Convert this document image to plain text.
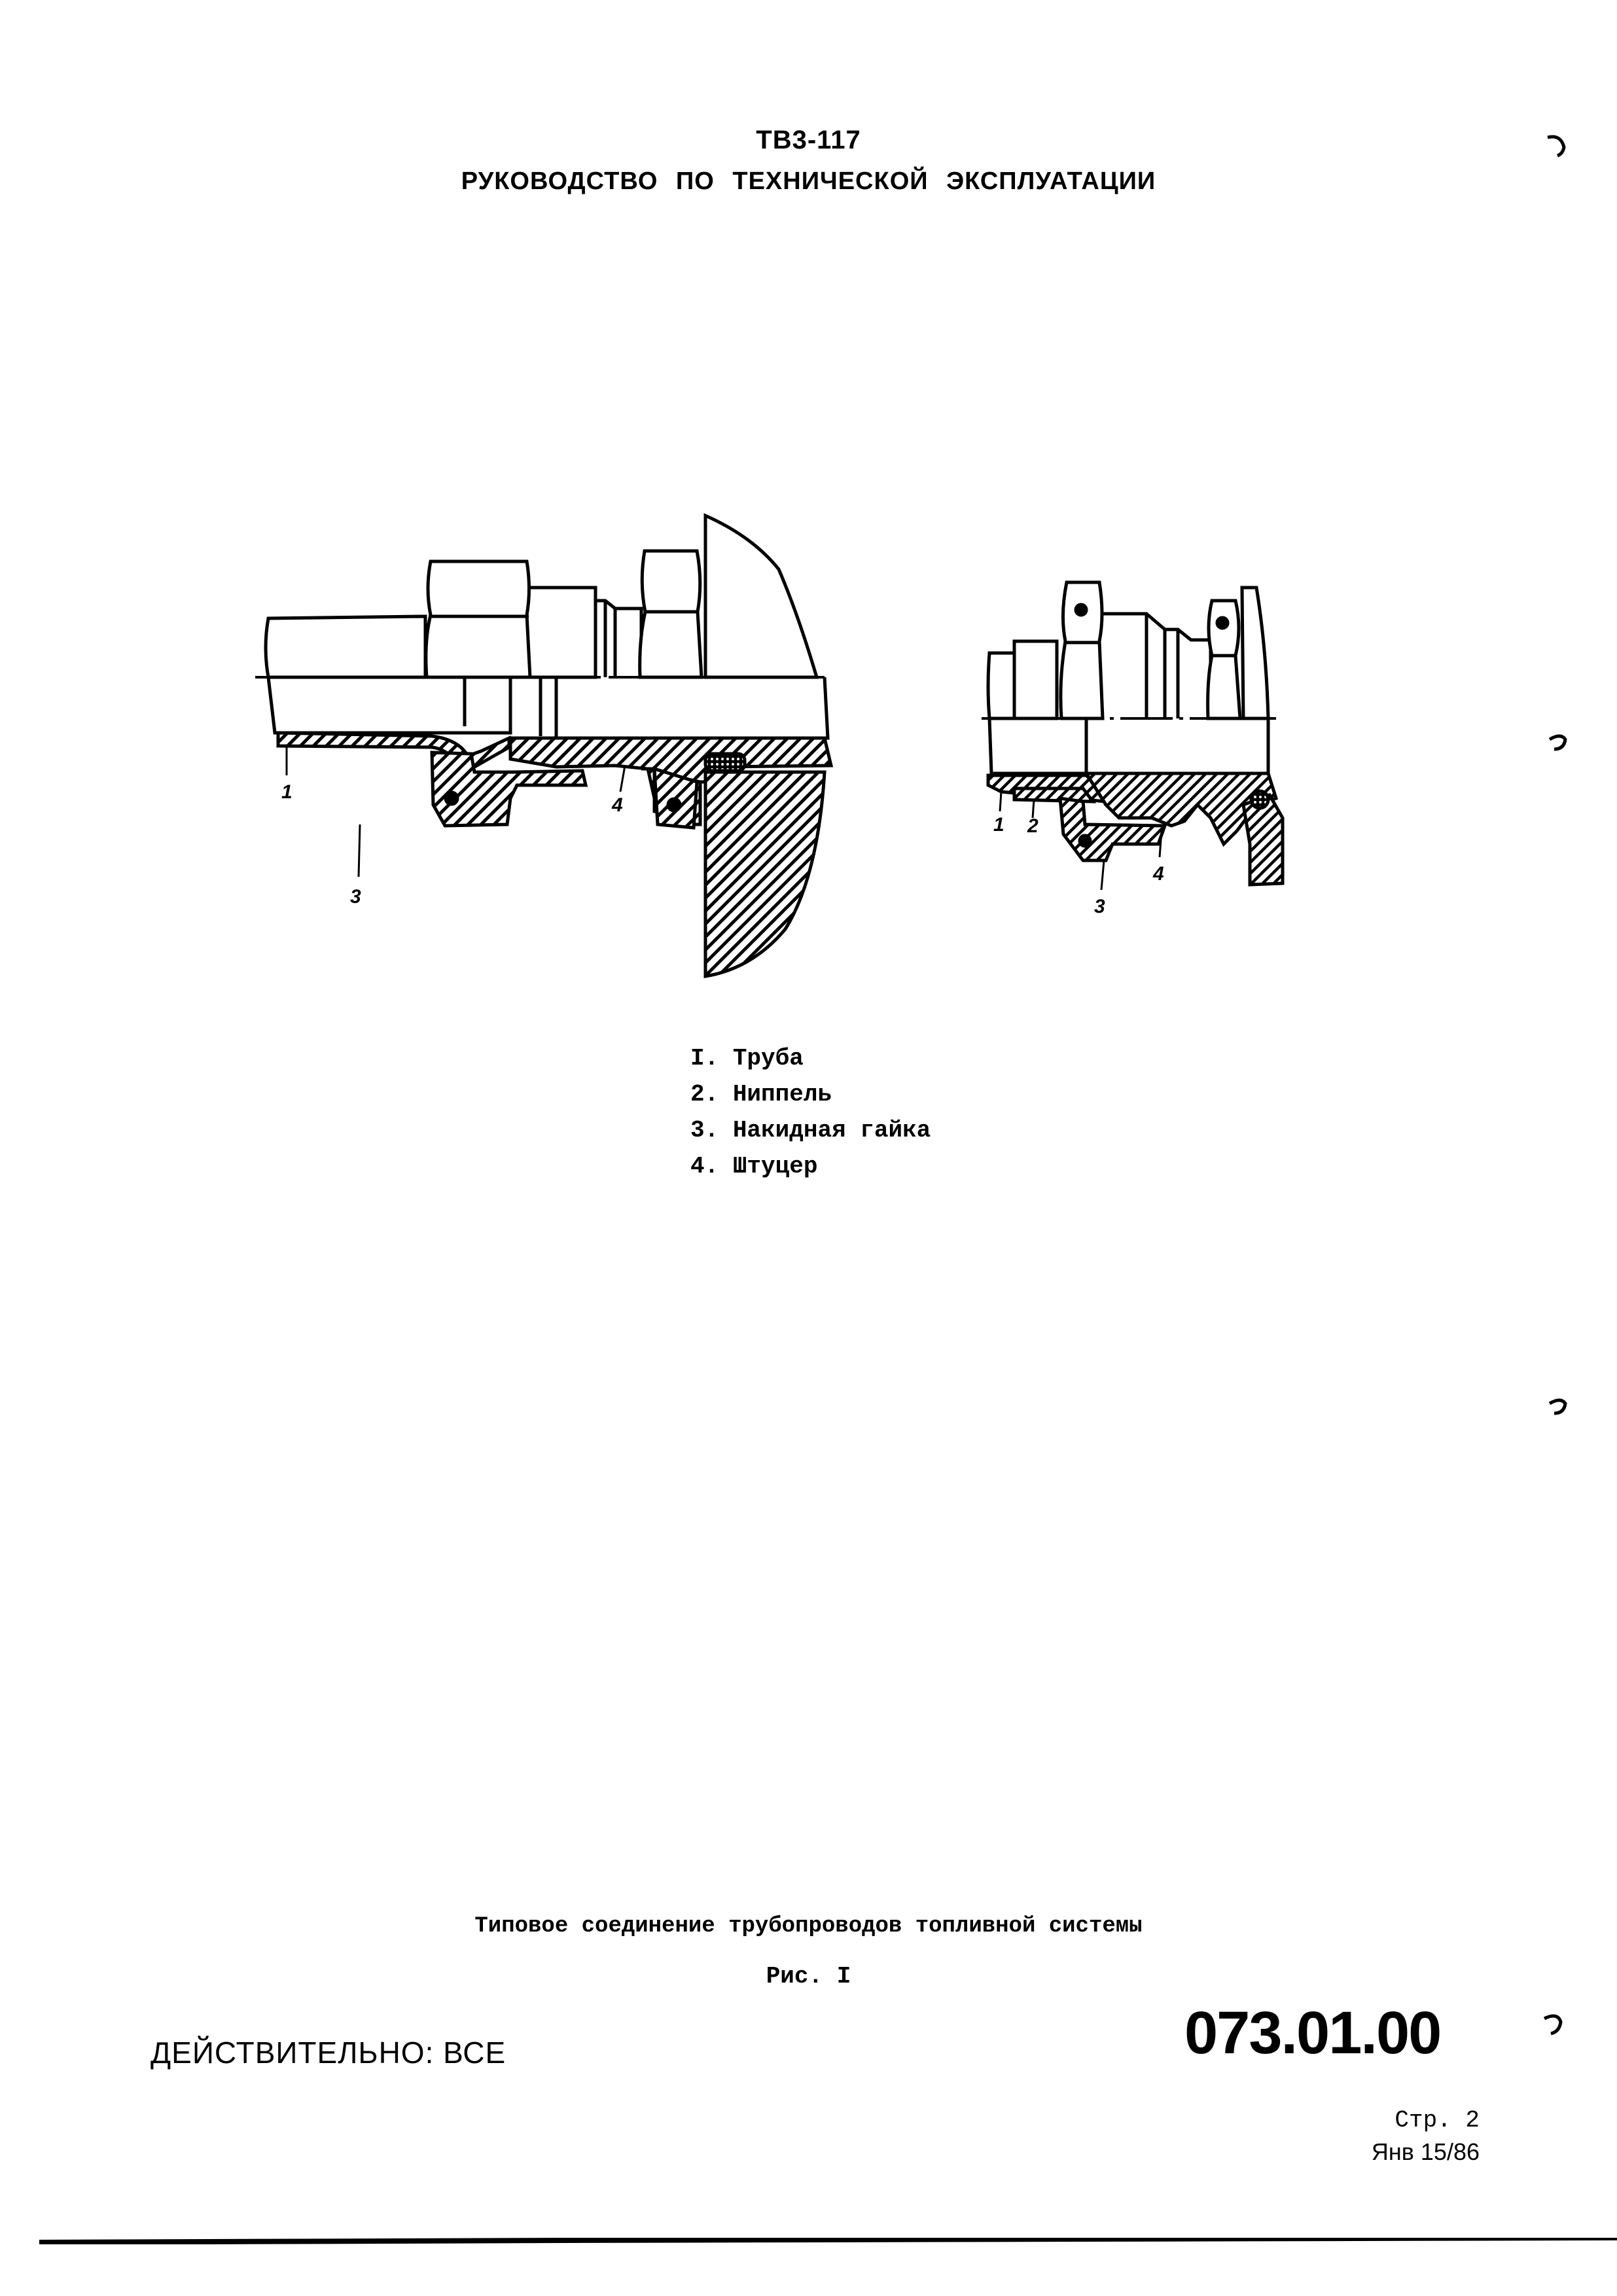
ТВ3-117
РУКОВОДСТВО ПО ТЕХНИЧЕСКОЙ ЭКСПЛУАТАЦИИ
1
3
4
1 2
3
4
I. Труба
2. Ниппель
3. Накидная гайка
4. Штуцер
Типовое соединение трубопроводов топливной системы
Рис. I
ДЕЙСТВИТЕЛЬНО: ВСЕ	073.01.00
Стр. 2
Янв 15/86
